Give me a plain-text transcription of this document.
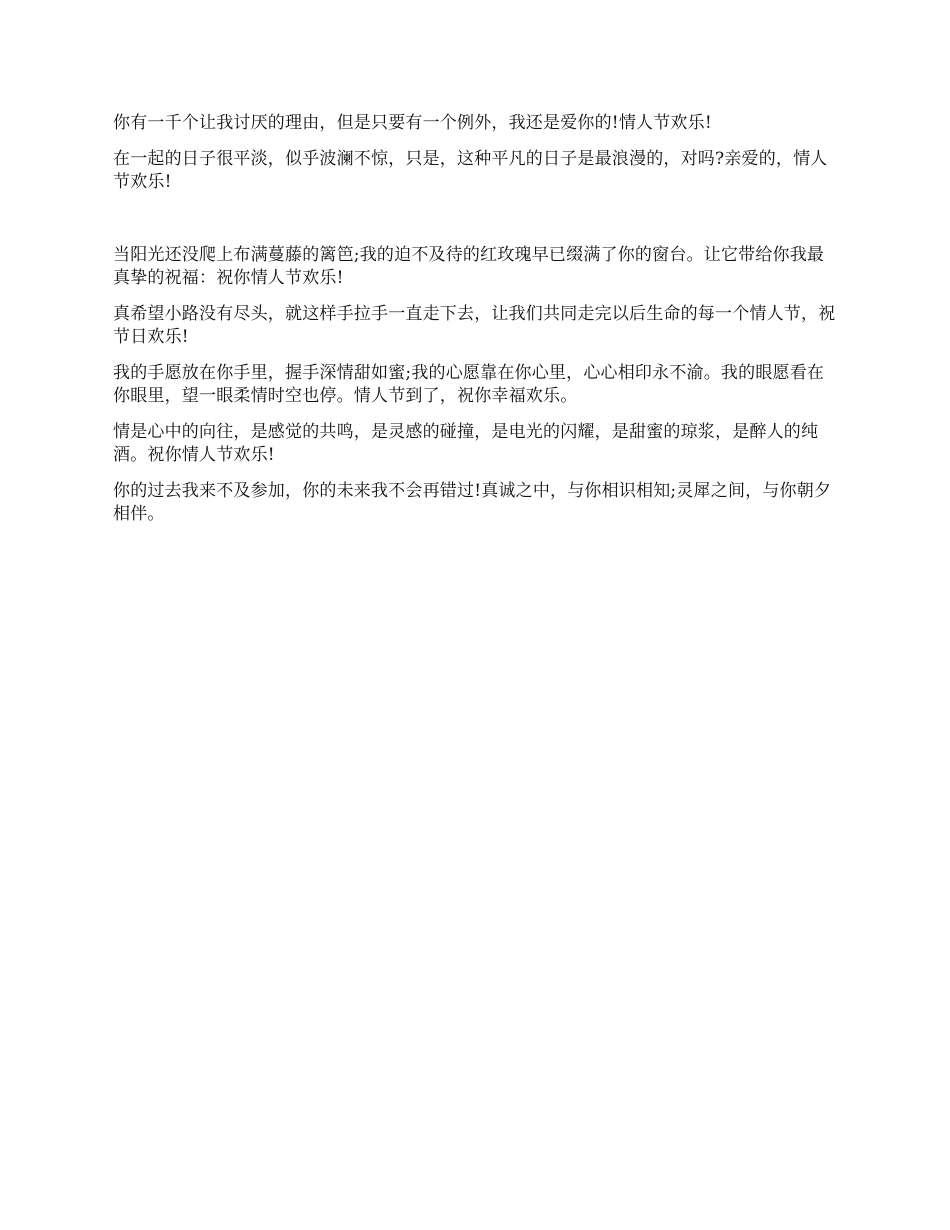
你有一千个让我讨厌的理由，但是只要有一个例外，我还是爱你的!情人节欢乐!

在一起的日子很平淡，似乎波澜不惊，只是，这种平凡的日子是最浪漫的，对吗?亲爱的，情人节欢乐!

当阳光还没爬上布满蔓藤的篱笆;我的迫不及待的红玫瑰早已缀满了你的窗台。让它带给你我最真挚的祝福：祝你情人节欢乐!

真希望小路没有尽头，就这样手拉手一直走下去，让我们共同走完以后生命的每一个情人节，祝节日欢乐!

我的手愿放在你手里，握手深情甜如蜜;我的心愿靠在你心里，心心相印永不渝。我的眼愿看在你眼里，望一眼柔情时空也停。情人节到了，祝你幸福欢乐。

情是心中的向往，是感觉的共鸣，是灵感的碰撞，是电光的闪耀，是甜蜜的琼浆，是醉人的纯酒。祝你情人节欢乐!

你的过去我来不及参加，你的未来我不会再错过!真诚之中，与你相识相知;灵犀之间，与你朝夕相伴。
